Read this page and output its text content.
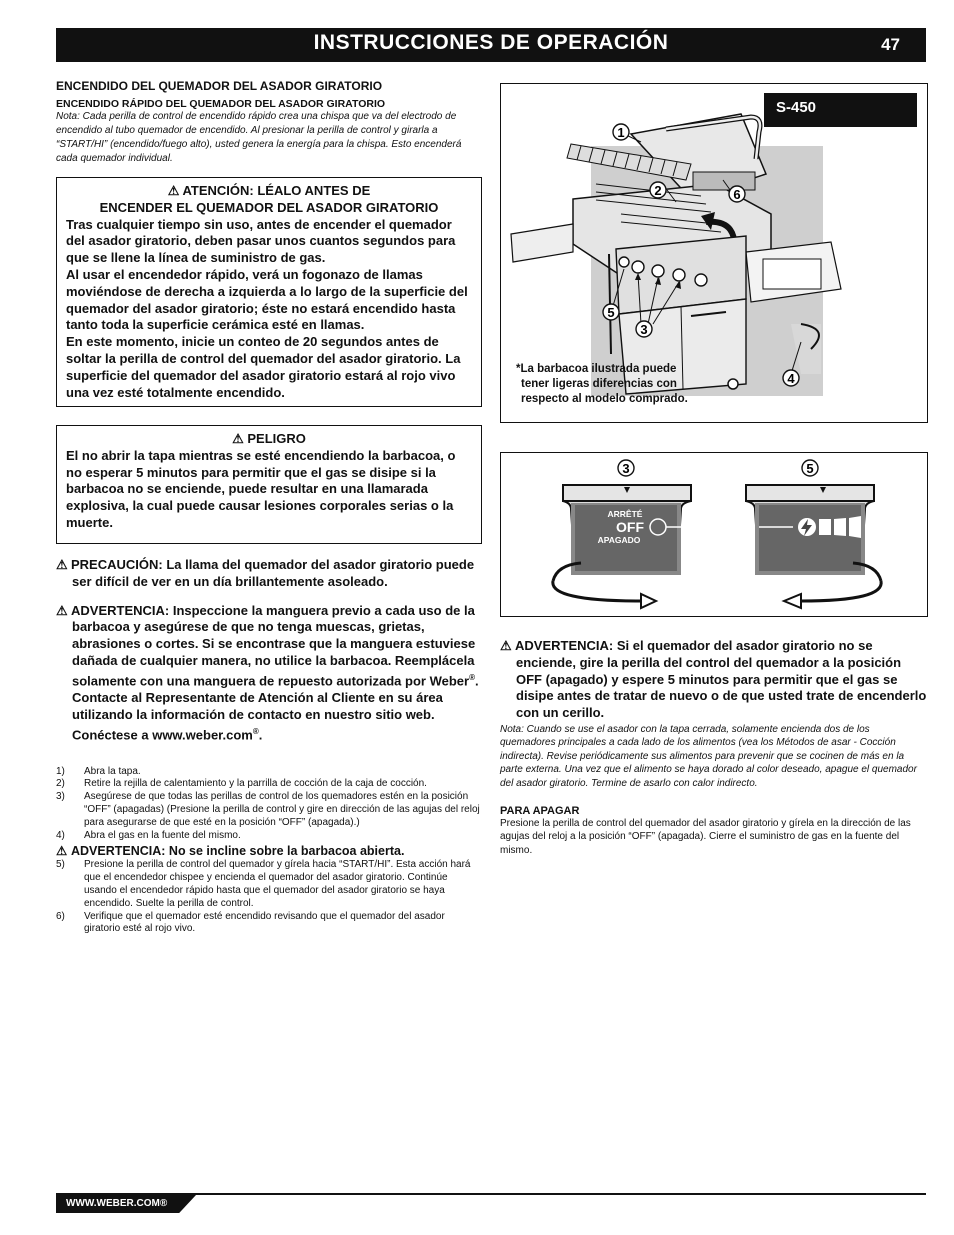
INSTRUCCIONES DE OPERACIÓN	47
ENCENDIDO DEL QUEMADOR DEL ASADOR GIRATORIO
ENCENDIDO RÁPIDO DEL QUEMADOR DEL ASADOR GIRATORIO

Nota: Cada perilla de control de encendido rápido crea una chispa que va del electrodo de encendido al tubo quemador de encendido. Al presionar la perilla de control y girarla a “START/HI” (encendido/fuego alto), usted genera la energía para la chispa. Esto encenderá cada quemador individual.

⚠ ATENCIÓN: LÉALO ANTES DE
ENCENDER EL QUEMADOR DEL ASADOR GIRATORIO
Tras cualquier tiempo sin uso, antes de encender el quemador del asador giratorio, deben pasar unos cuantos segundos para que se llene la línea de suministro de gas.
Al usar el encendedor rápido, verá un fogonazo de llamas moviéndose de derecha a izquierda a lo largo de la superficie del quemador del asador giratorio; éste no estará encendido hasta tanto toda la superficie cerámica esté en llamas.
En este momento, inicie un conteo de 20 segundos antes de soltar la perilla de control del quemador del asador giratorio. La superficie del quemador del asador giratorio estará al rojo vivo una vez esté totalmente encendido.
⚠ PELIGRO
El no abrir la tapa mientras se esté encendiendo la barbacoa, o no esperar 5 minutos para permitir que el gas se disipe si la barbacoa no se enciende, puede resultar en una llamarada explosiva, la cual puede causar lesiones corporales serias o la muerte.

⚠ PRECAUCIÓN: La llama del quemador del asador giratorio puede ser difícil de ver en un día brillantemente asoleado.

⚠ ADVERTENCIA: Inspeccione la manguera previo a cada uso de la barbacoa y asegúrese de que no tenga muescas, grietas, abrasiones o cortes. Si se encontrase que la manguera estuviese dañada de cualquier manera, no utilice la barbacoa. Reemplácela solamente con una manguera de repuesto autorizada por Weber®. Contacte al Representante de Atención al Cliente en su área utilizando la información de contacto en nuestro sitio web. Conéctese a www.weber.com®.

1) Abra la tapa.
2) Retire la rejilla de calentamiento y la parrilla de cocción de la caja de cocción.
3) Asegúrese de que todas las perillas de control de los quemadores estén en la posición “OFF” (apagadas) (Presione la perilla de control y gire en dirección de las agujas del reloj para asegurarse de que esté en la posición “OFF” (apagada).)
4) Abra el gas en la fuente del mismo.

⚠ ADVERTENCIA: No se incline sobre la barbacoa abierta.

5) Presione la perilla de control del quemador y gírela hacia “START/HI”. Esta acción hará que el encendedor chispee y encienda el quemador del asador giratorio. Continúe usando el encendedor rápido hasta que el quemador del asador giratorio se haya encendido. Suelte la perilla de control.
6) Verifique que el quemador esté encendido revisando que el quemador del asador giratorio esté al rojo vivo.
S-450
1
2
3
4
5
6
*La barbacoa ilustrada puede
tener ligeras diferencias con
respecto al modelo comprado.
ARRÊTÉ
OFF
APAGADO
3	5

⚠ ADVERTENCIA: Si el quemador del asador giratorio no se enciende, gire la perilla del control del quemador a la posición OFF (apagado) y espere 5 minutos para permitir que el gas se disipe antes de tratar de nuevo o de que usted trate de encenderlo con un cerillo.

Nota: Cuando se use el asador con la tapa cerrada, solamente encienda dos de los quemadores principales a cada lado de los alimentos (vea los Métodos de asar - Cocción indirecta). Revise periódicamente sus alimentos para prevenir que se cocinen de más en la parte externa. Una vez que el alimento se haya dorado al color deseado, apague el quemador del asador giratorio. Termine de asarlo con calor indirecto.

PARA APAGAR

Presione la perilla de control del quemador del asador giratorio y gírela en la dirección de las agujas del reloj a la posición “OFF” (apagada). Cierre el suministro de gas en la fuente del mismo.

WWW.WEBER.COM®
